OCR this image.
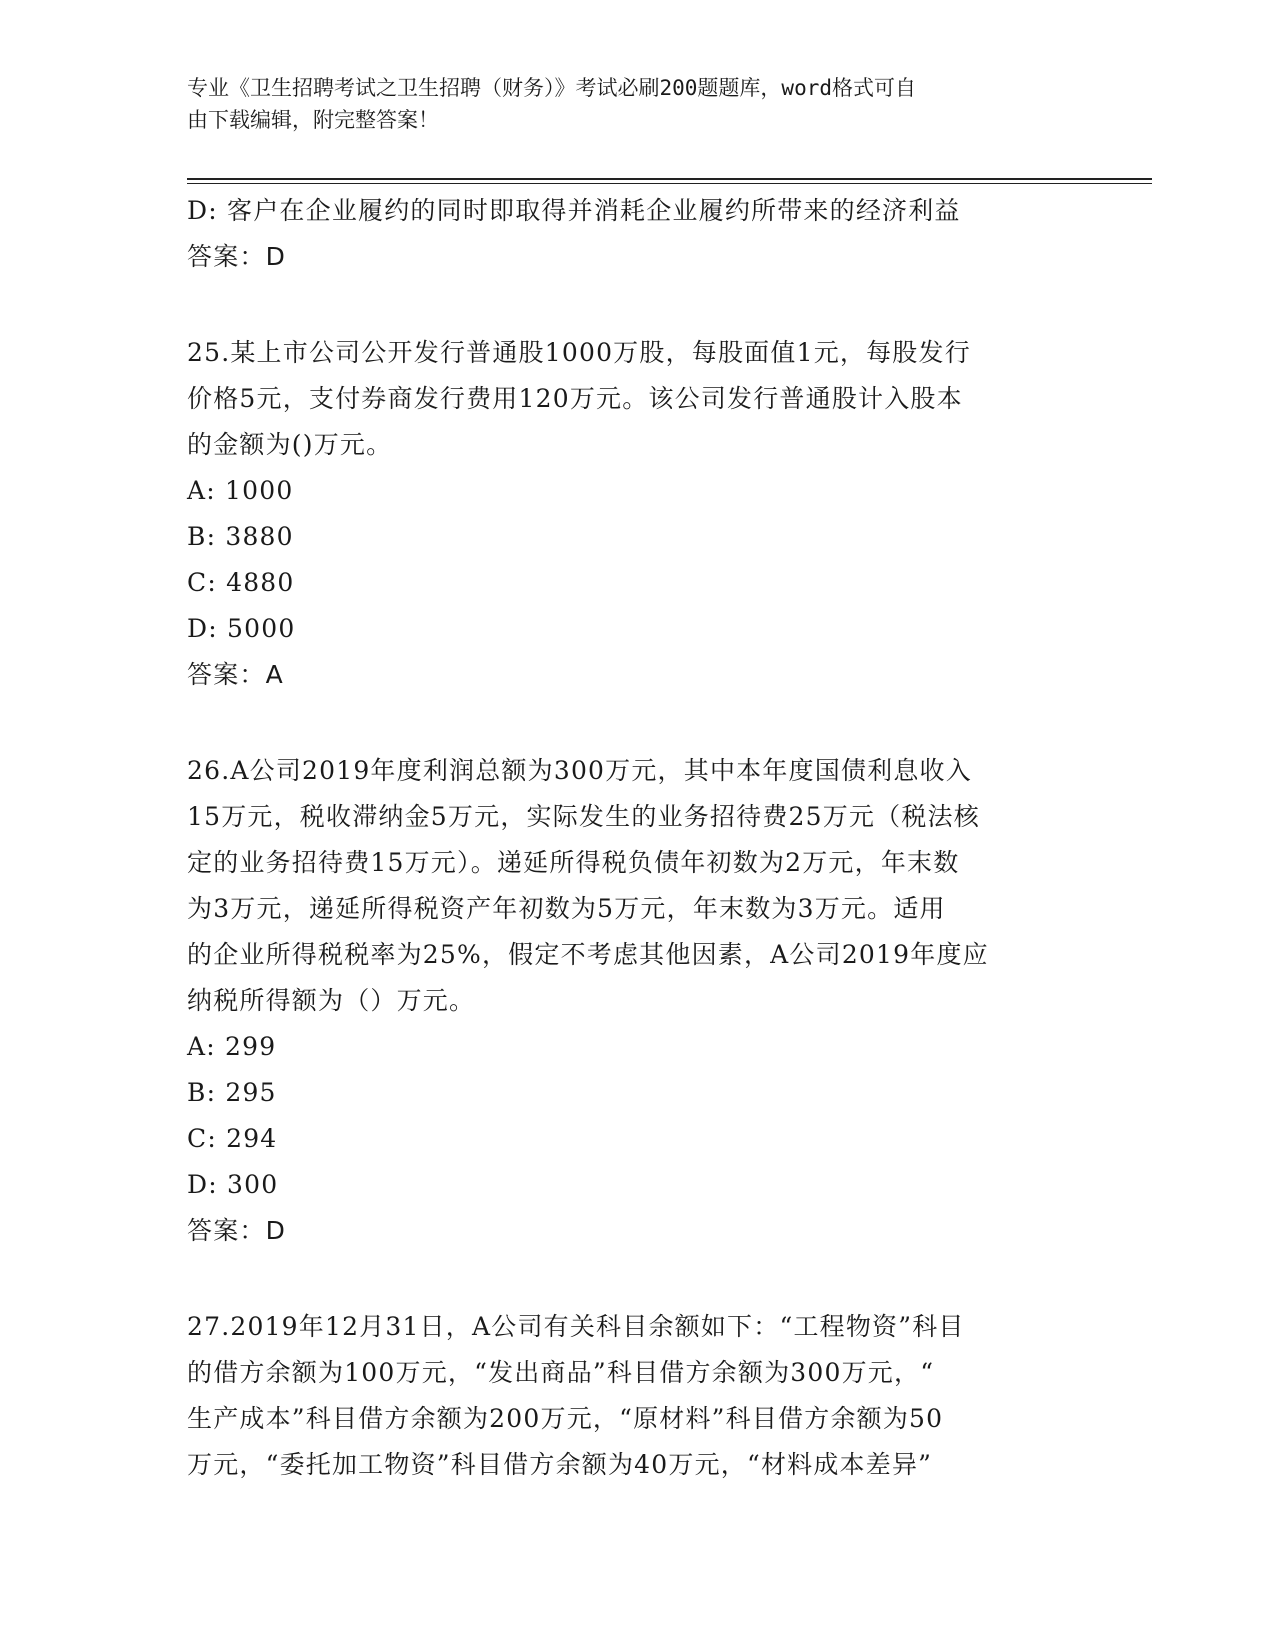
专业《卫生招聘考试之卫生招聘（财务）》考试必刷200题题库，word格式可自
由下载编辑，附完整答案！
D: 客户在企业履约的同时即取得并消耗企业履约所带来的经济利益
答案：D
25.某上市公司公开发行普通股1000万股，每股面值1元，每股发行
价格5元，支付券商发行费用120万元。该公司发行普通股计入股本
的金额为()万元。
A: 1000
B: 3880
C: 4880
D: 5000
答案：A
26.A公司2019年度利润总额为300万元，其中本年度国债利息收入
15万元，税收滞纳金5万元，实际发生的业务招待费25万元（税法核
定的业务招待费15万元）。递延所得税负债年初数为2万元，年末数
为3万元，递延所得税资产年初数为5万元，年末数为3万元。适用
的企业所得税税率为25%，假定不考虑其他因素，A公司2019年度应
纳税所得额为（）万元。
A: 299
B: 295
C: 294
D: 300
答案：D
27.2019年12月31日，A公司有关科目余额如下：“工程物资”科目
的借方余额为100万元，“发出商品”科目借方余额为300万元，“
生产成本”科目借方余额为200万元，“原材料”科目借方余额为50
万元，“委托加工物资”科目借方余额为40万元，“材料成本差异”
